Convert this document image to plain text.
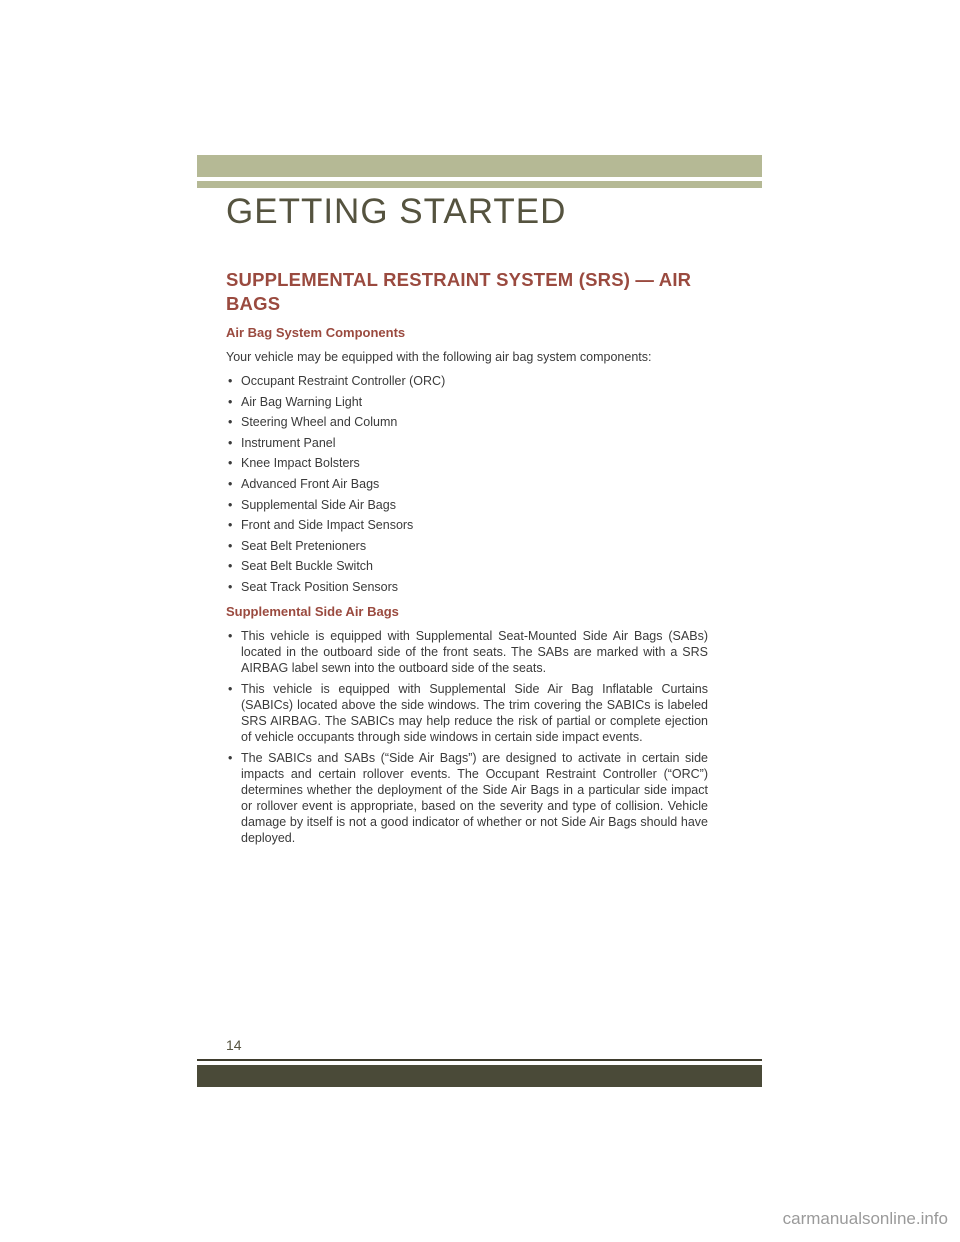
GETTING STARTED
SUPPLEMENTAL RESTRAINT SYSTEM (SRS) — AIR BAGS
Air Bag System Components

Your vehicle may be equipped with the following air bag system components:

• Occupant Restraint Controller (ORC)
• Air Bag Warning Light
• Steering Wheel and Column
• Instrument Panel
• Knee Impact Bolsters
• Advanced Front Air Bags
• Supplemental Side Air Bags
• Front and Side Impact Sensors
• Seat Belt Pretenioners
• Seat Belt Buckle Switch
• Seat Track Position Sensors
Supplemental Side Air Bags
• This vehicle is equipped with Supplemental Seat-Mounted Side Air Bags (SABs) located in the outboard side of the front seats. The SABs are marked with a SRS AIRBAG label sewn into the outboard side of the seats.
• This vehicle is equipped with Supplemental Side Air Bag Inflatable Curtains (SABICs) located above the side windows. The trim covering the SABICs is labeled SRS AIRBAG. The SABICs may help reduce the risk of partial or complete ejection of vehicle occupants through side windows in certain side impact events.
• The SABICs and SABs (“Side Air Bags”) are designed to activate in certain side impacts and certain rollover events. The Occupant Restraint Controller (“ORC”) determines whether the deployment of the Side Air Bags in a particular side impact or rollover event is appropriate, based on the severity and type of collision. Vehicle damage by itself is not a good indicator of whether or not Side Air Bags should have deployed.
14
carmanualsonline.info
